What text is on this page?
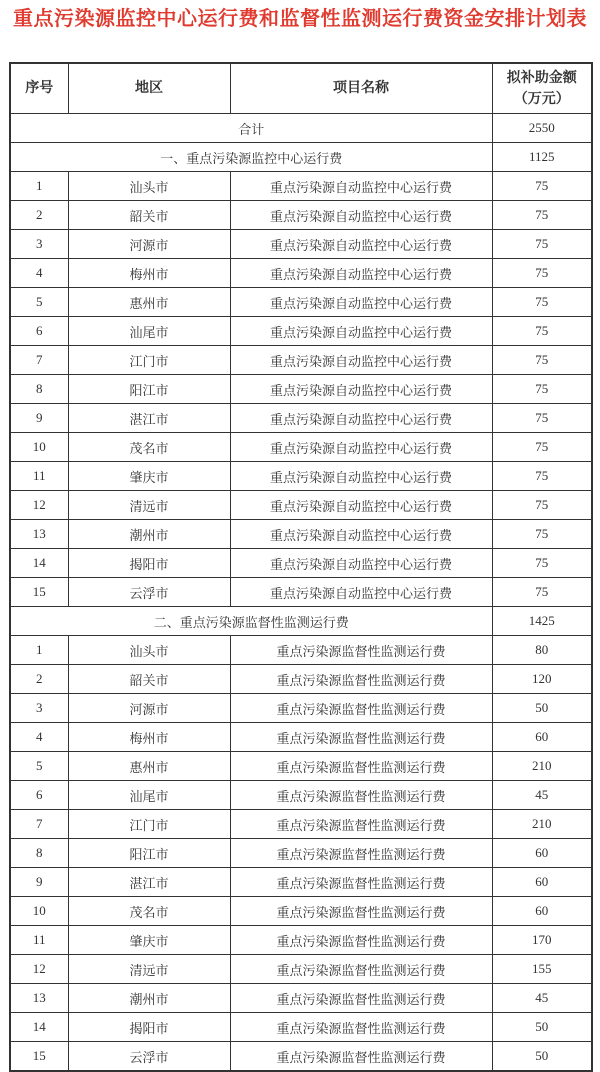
重点污染源监控中心运行费和监督性监测运行费资金安排计划表
序号	地区	项目名称	拟补助金额
（万元）
合计			2550
一、重点污染源监控中心运行费			1125
1	汕头市	重点污染源自动监控中心运行费	75
2	韶关市	重点污染源自动监控中心运行费	75
3	河源市	重点污染源自动监控中心运行费	75
4	梅州市	重点污染源自动监控中心运行费	75
5	惠州市	重点污染源自动监控中心运行费	75
6	汕尾市	重点污染源自动监控中心运行费	75
7	江门市	重点污染源自动监控中心运行费	75
8	阳江市	重点污染源自动监控中心运行费	75
9	湛江市	重点污染源自动监控中心运行费	75
10	茂名市	重点污染源自动监控中心运行费	75
11	肇庆市	重点污染源自动监控中心运行费	75
12	清远市	重点污染源自动监控中心运行费	75
13	潮州市	重点污染源自动监控中心运行费	75
14	揭阳市	重点污染源自动监控中心运行费	75
15	云浮市	重点污染源自动监控中心运行费	75
二、重点污染源监督性监测运行费			1425
1	汕头市	重点污染源监督性监测运行费	80
2	韶关市	重点污染源监督性监测运行费	120
3	河源市	重点污染源监督性监测运行费	50
4	梅州市	重点污染源监督性监测运行费	60
5	惠州市	重点污染源监督性监测运行费	210
6	汕尾市	重点污染源监督性监测运行费	45
7	江门市	重点污染源监督性监测运行费	210
8	阳江市	重点污染源监督性监测运行费	60
9	湛江市	重点污染源监督性监测运行费	60
10	茂名市	重点污染源监督性监测运行费	60
11	肇庆市	重点污染源监督性监测运行费	170
12	清远市	重点污染源监督性监测运行费	155
13	潮州市	重点污染源监督性监测运行费	45
14	揭阳市	重点污染源监督性监测运行费	50
15	云浮市	重点污染源监督性监测运行费	50
